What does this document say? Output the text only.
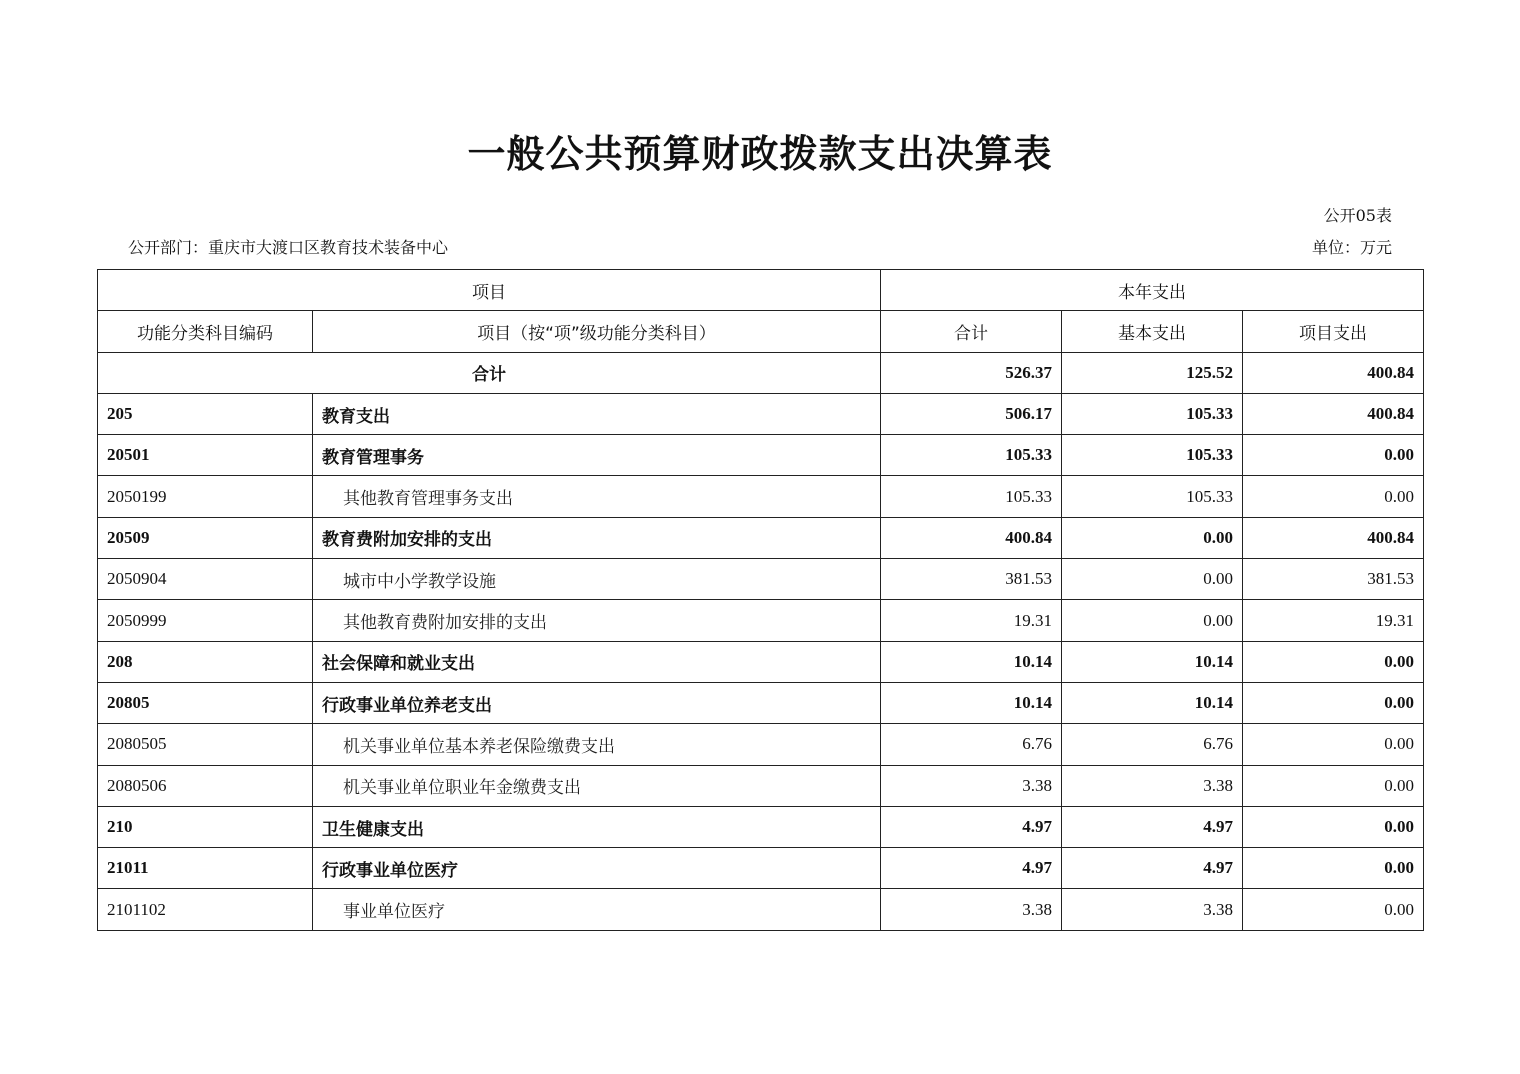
一般公共预算财政拨款支出决算表
公开05表
公开部门：重庆市大渡口区教育技术装备中心	单位：万元
项目		本年支出		
功能分类科目编码	项目（按“项”级功能分类科目）	合计	基本支出	项目支出
合计		526.37	125.52	400.84
205	教育支出	506.17	105.33	400.84
20501	教育管理事务	105.33	105.33	0.00
2050199	其他教育管理事务支出	105.33	105.33	0.00
20509	教育费附加安排的支出	400.84	0.00	400.84
2050904	城市中小学教学设施	381.53	0.00	381.53
2050999	其他教育费附加安排的支出	19.31	0.00	19.31
208	社会保障和就业支出	10.14	10.14	0.00
20805	行政事业单位养老支出	10.14	10.14	0.00
2080505	机关事业单位基本养老保险缴费支出	6.76	6.76	0.00
2080506	机关事业单位职业年金缴费支出	3.38	3.38	0.00
210	卫生健康支出	4.97	4.97	0.00
21011	行政事业单位医疗	4.97	4.97	0.00
2101102	事业单位医疗	3.38	3.38	0.00
